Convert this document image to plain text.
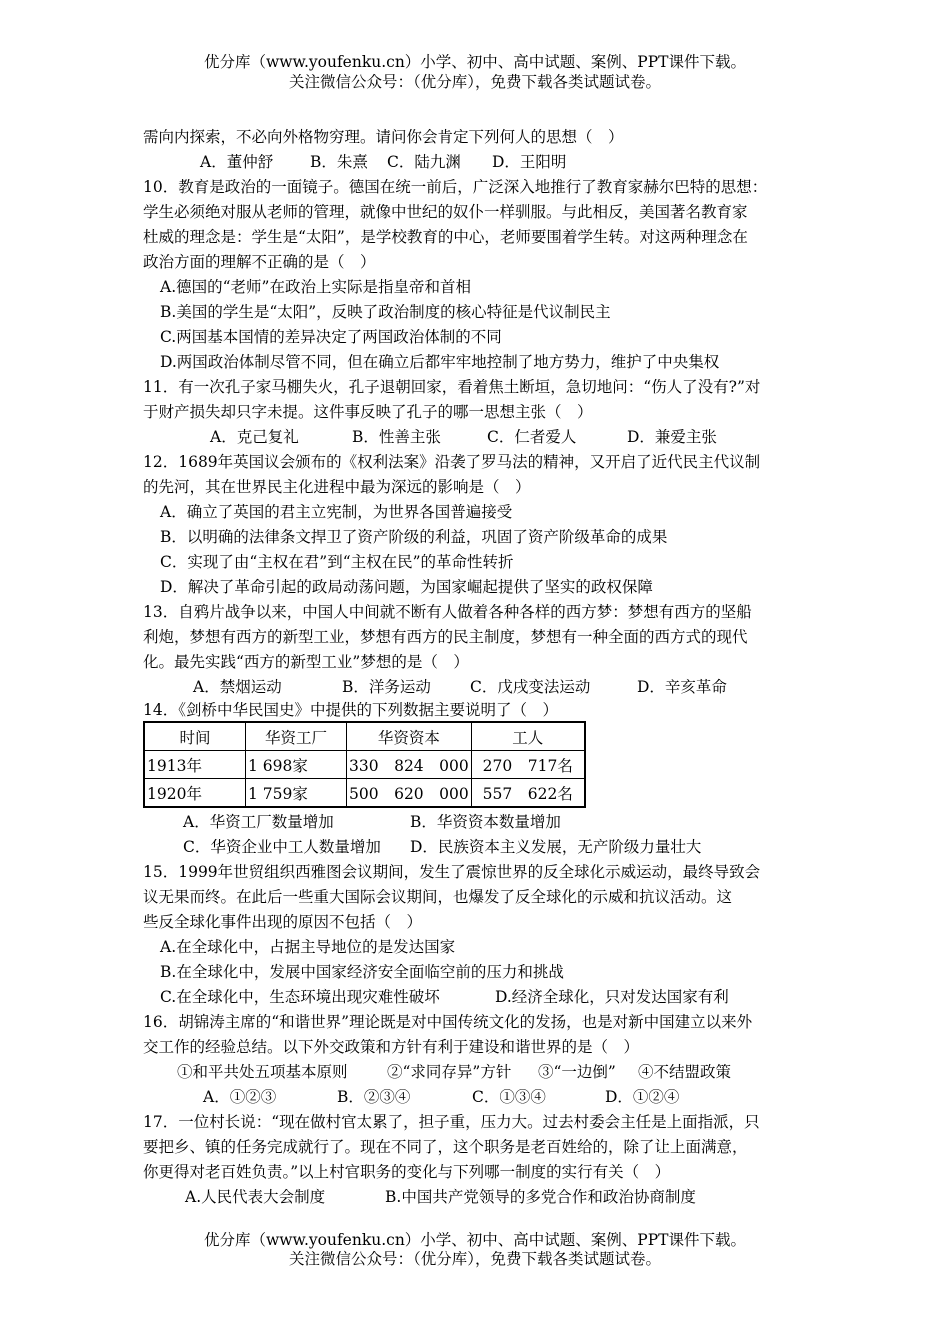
优分库（www.youfenku.cn）小学、初中、高中试题、案例、PPT课件下载。
关注微信公众号：（优分库），免费下载各类试题试卷。
需向内探索，不必向外格物穷理。请问你会肯定下列何人的思想（　）
A．董仲舒 B．朱熹 C．陆九渊 D．王阳明
10．教育是政治的一面镜子。德国在统一前后，广泛深入地推行了教育家赫尔巴特的思想：
学生必须绝对服从老师的管理，就像中世纪的奴仆一样驯服。与此相反，美国著名教育家
杜威的理念是：学生是“太阳”，是学校教育的中心，老师要围着学生转。对这两种理念在
政治方面的理解不正确的是（　）
A.德国的“老师”在政治上实际是指皇帝和首相
B.美国的学生是“太阳”，反映了政治制度的核心特征是代议制民主
C.两国基本国情的差异决定了两国政治体制的不同
D.两国政治体制尽管不同，但在确立后都牢牢地控制了地方势力，维护了中央集权
11．有一次孔子家马棚失火，孔子退朝回家，看着焦土断垣，急切地问：“伤人了没有?”对
于财产损失却只字未提。这件事反映了孔子的哪一思想主张（　）
A．克己复礼	B．性善主张	C．仁者爱人	D．兼爱主张
12．1689年英国议会颁布的《权利法案》沿袭了罗马法的精神，又开启了近代民主代议制
的先河，其在世界民主化进程中最为深远的影响是（　）
A．确立了英国的君主立宪制，为世界各国普遍接受
B．以明确的法律条文捍卫了资产阶级的利益，巩固了资产阶级革命的成果
C．实现了由“主权在君”到“主权在民”的革命性转折
D．解决了革命引起的政局动荡问题，为国家崛起提供了坚实的政权保障
13．自鸦片战争以来，中国人中间就不断有人做着各种各样的西方梦：梦想有西方的坚船
利炮，梦想有西方的新型工业，梦想有西方的民主制度，梦想有一种全面的西方式的现代
化。最先实践“西方的新型工业”梦想的是（　）
A．禁烟运动	B．洋务运动	C．戊戌变法运动	D．辛亥革命
14．《剑桥中华民国史》中提供的下列数据主要说明了（　）
时间	华资工厂	华资资本	工人
1913年	1 698家	330　824　000	270　717名
1920年	1 759家	500　620　000	557　622名
A．华资工厂数量增加	B．华资资本数量增加
C．华资企业中工人数量增加 D．民族资本主义发展，无产阶级力量壮大
15．1999年世贸组织西雅图会议期间，发生了震惊世界的反全球化示威运动，最终导致会
议无果而终。在此后一些重大国际会议期间，也爆发了反全球化的示威和抗议活动。这
些反全球化事件出现的原因不包括（　）
A.在全球化中，占据主导地位的是发达国家
B.在全球化中，发展中国家经济安全面临空前的压力和挑战
C.在全球化中，生态环境出现灾难性破坏	D.经济全球化，只对发达国家有利
16．胡锦涛主席的“和谐世界”理论既是对中国传统文化的发扬，也是对新中国建立以来外
交工作的经验总结。以下外交政策和方针有利于建设和谐世界的是（　）
①和平共处五项基本原则	②“求同存异”方针 ③“一边倒” ④不结盟政策
A．①②③	B．②③④	C．①③④	D．①②④
17．一位村长说：“现在做村官太累了，担子重，压力大。过去村委会主任是上面指派，只
要把乡、镇的任务完成就行了。现在不同了，这个职务是老百姓给的，除了让上面满意，
你更得对老百姓负责。”以上村官职务的变化与下列哪一制度的实行有关（　）
A.人民代表大会制度	B.中国共产党领导的多党合作和政治协商制度
优分库（www.youfenku.cn）小学、初中、高中试题、案例、PPT课件下载。
关注微信公众号：（优分库），免费下载各类试题试卷。
